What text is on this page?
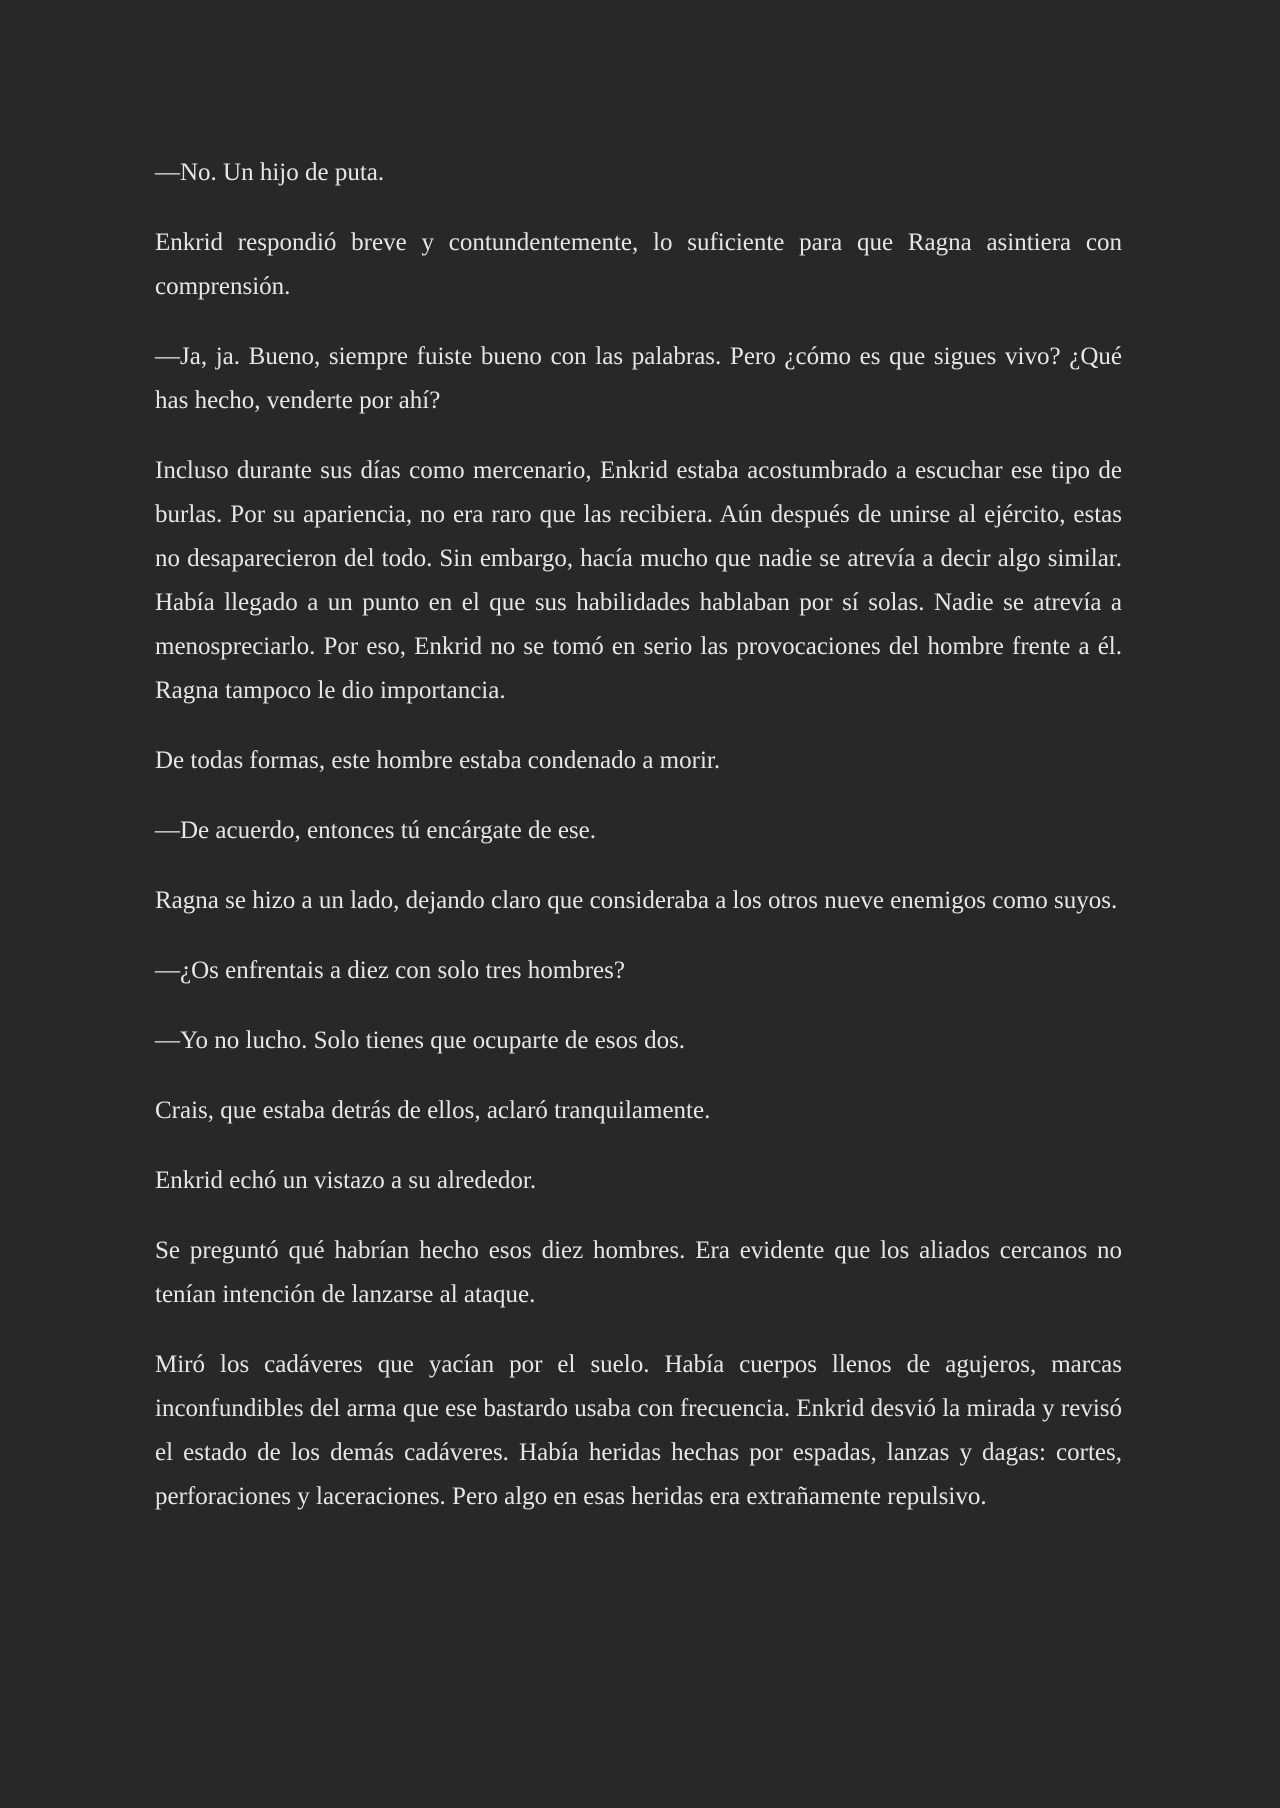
—No. Un hijo de puta.

Enkrid respondió breve y contundentemente, lo suficiente para que Ragna asintiera con comprensión.

—Ja, ja. Bueno, siempre fuiste bueno con las palabras. Pero ¿cómo es que sigues vivo? ¿Qué has hecho, venderte por ahí?

Incluso durante sus días como mercenario, Enkrid estaba acostumbrado a escuchar ese tipo de burlas. Por su apariencia, no era raro que las recibiera. Aún después de unirse al ejército, estas no desaparecieron del todo. Sin embargo, hacía mucho que nadie se atrevía a decir algo similar. Había llegado a un punto en el que sus habilidades hablaban por sí solas. Nadie se atrevía a menospreciarlo. Por eso, Enkrid no se tomó en serio las provocaciones del hombre frente a él. Ragna tampoco le dio importancia.

De todas formas, este hombre estaba condenado a morir.

—De acuerdo, entonces tú encárgate de ese.

Ragna se hizo a un lado, dejando claro que consideraba a los otros nueve enemigos como suyos.

—¿Os enfrentais a diez con solo tres hombres?

—Yo no lucho. Solo tienes que ocuparte de esos dos.

Crais, que estaba detrás de ellos, aclaró tranquilamente.

Enkrid echó un vistazo a su alrededor.

Se preguntó qué habrían hecho esos diez hombres. Era evidente que los aliados cercanos no tenían intención de lanzarse al ataque.

Miró los cadáveres que yacían por el suelo. Había cuerpos llenos de agujeros, marcas inconfundibles del arma que ese bastardo usaba con frecuencia. Enkrid desvió la mirada y revisó el estado de los demás cadáveres. Había heridas hechas por espadas, lanzas y dagas: cortes, perforaciones y laceraciones. Pero algo en esas heridas era extrañamente repulsivo.
